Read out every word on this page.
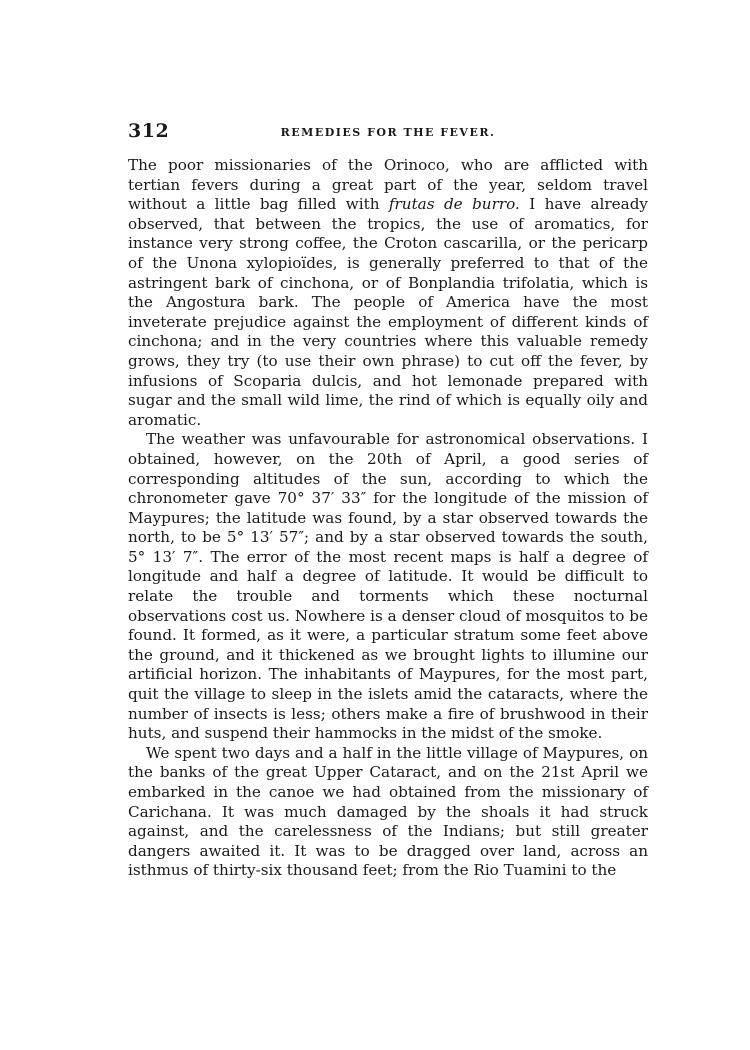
312	REMEDIES FOR THE FEVER.

The poor missionaries of the Orinoco, who are afflicted with tertian fevers during a great part of the year, seldom travel without a little bag filled with frutas de burro. I have already observed, that between the tropics, the use of aromatics, for instance very strong coffee, the Croton cascarilla, or the pericarp of the Unona xylopioïdes, is generally preferred to that of the astringent bark of cinchona, or of Bonplandia trifolatia, which is the Angostura bark. The people of America have the most inveterate prejudice against the employment of different kinds of cinchona; and in the very countries where this valuable remedy grows, they try (to use their own phrase) to cut off the fever, by infusions of Scoparia dulcis, and hot lemonade prepared with sugar and the small wild lime, the rind of which is equally oily and aromatic.

The weather was unfavourable for astronomical observations. I obtained, however, on the 20th of April, a good series of corresponding altitudes of the sun, according to which the chronometer gave 70° 37′ 33″ for the longitude of the mission of Maypures; the latitude was found, by a star observed towards the north, to be 5° 13′ 57″; and by a star observed towards the south, 5° 13′ 7″. The error of the most recent maps is half a degree of longitude and half a degree of latitude. It would be difficult to relate the trouble and torments which these nocturnal observations cost us. Nowhere is a denser cloud of mosquitos to be found. It formed, as it were, a particular stratum some feet above the ground, and it thickened as we brought lights to illumine our artificial horizon. The inhabitants of Maypures, for the most part, quit the village to sleep in the islets amid the cataracts, where the number of insects is less; others make a fire of brushwood in their huts, and suspend their hammocks in the midst of the smoke.

We spent two days and a half in the little village of Maypures, on the banks of the great Upper Cataract, and on the 21st April we embarked in the canoe we had obtained from the missionary of Carichana. It was much damaged by the shoals it had struck against, and the carelessness of the Indians; but still greater dangers awaited it. It was to be dragged over land, across an isthmus of thirty-six thousand feet; from the Rio Tuamini to the
